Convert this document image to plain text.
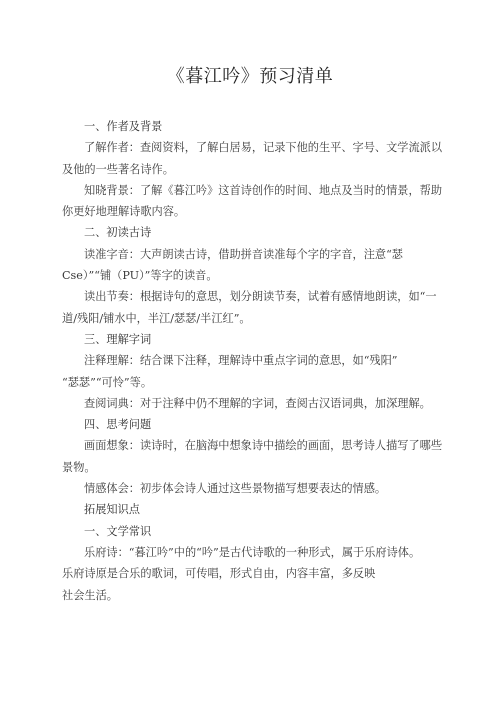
《暮江吟》预习清单
一、作者及背景
了解作者：查阅资料，了解白居易，记录下他的生平、字号、文学流派以
及他的一些著名诗作。
知晓背景：了解《暮江吟》这首诗创作的时间、地点及当时的情景，帮助
你更好地理解诗歌内容。
二、初读古诗
读准字音：大声朗读古诗，借助拼音读准每个字的字音，注意“瑟
Cse）”“铺（PU）”等字的读音。
读出节奏：根据诗句的意思，划分朗读节奏，试着有感情地朗读，如“一
道/残阳/铺水中，半江/瑟瑟/半江红”。
三、理解字词
注释理解：结合课下注释，理解诗中重点字词的意思，如“残阳”
“瑟瑟”“可怜”等。
查阅词典：对于注释中仍不理解的字词，查阅古汉语词典，加深理解。
四、思考问题
画面想象：读诗时，在脑海中想象诗中描绘的画面，思考诗人描写了哪些
景物。
情感体会：初步体会诗人通过这些景物描写想要表达的情感。
拓展知识点
一、文学常识
乐府诗：“暮江吟”中的“吟”是古代诗歌的一种形式，属于乐府诗体。
乐府诗原是合乐的歌词，可传唱，形式自由，内容丰富，多反映
社会生活。
